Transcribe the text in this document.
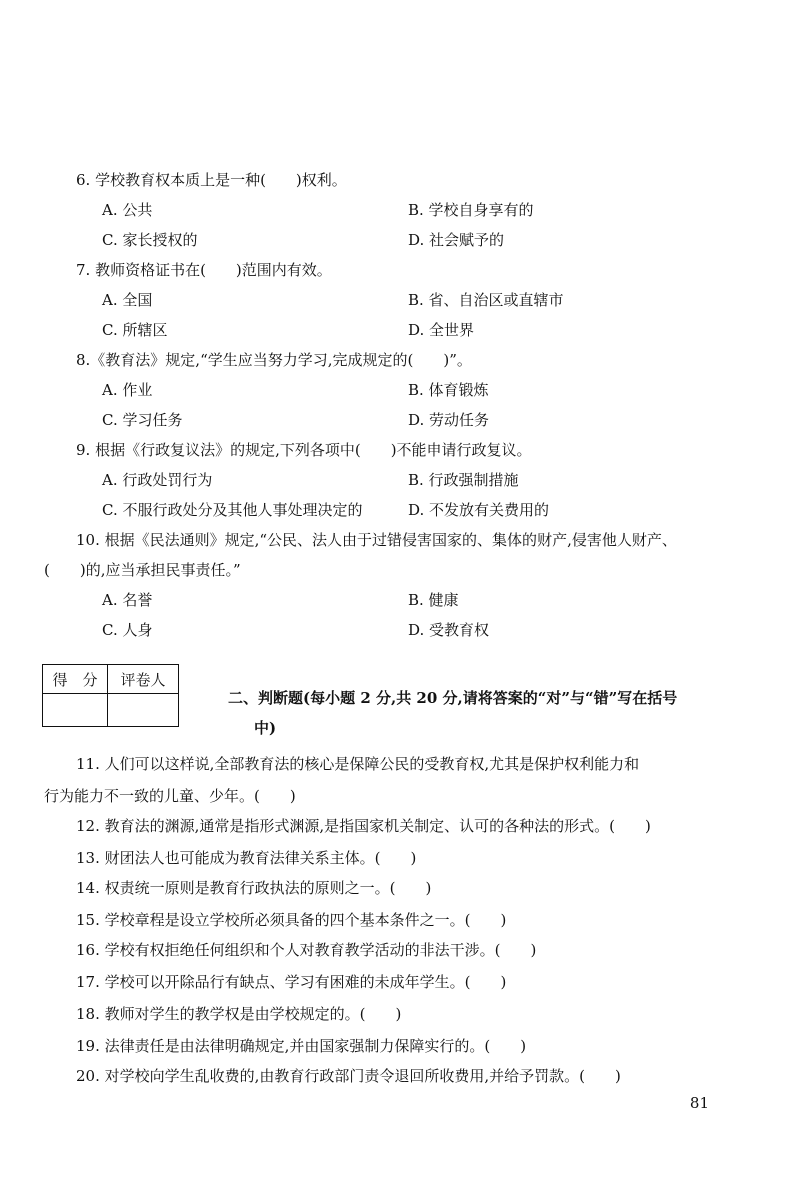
6. 学校教育权本质上是一种(　　)权利。
A. 公共	B. 学校自身享有的
C. 家长授权的	D. 社会赋予的
7. 教师资格证书在(　　)范围内有效。
A. 全国	B. 省、自治区或直辖市
C. 所辖区	D. 全世界
8.《教育法》规定,“学生应当努力学习,完成规定的(　　)”。
A. 作业	B. 体育锻炼
C. 学习任务	D. 劳动任务
9. 根据《行政复议法》的规定,下列各项中(　　)不能申请行政复议。
A. 行政处罚行为	B. 行政强制措施
C. 不服行政处分及其他人事处理决定的	D. 不发放有关费用的
10. 根据《民法通则》规定,“公民、法人由于过错侵害国家的、集体的财产,侵害他人财产、
(　　)的,应当承担民事责任。”
A. 名誉	B. 健康
C. 人身	D. 受教育权
得　分	评卷人

二、判断题(每小题 2 分,共 20 分,请将答案的“对”与“错”写在括号
中)
11. 人们可以这样说,全部教育法的核心是保障公民的受教育权,尤其是保护权利能力和
行为能力不一致的儿童、少年。(　　)
12. 教育法的渊源,通常是指形式渊源,是指国家机关制定、认可的各种法的形式。(　　)
13. 财团法人也可能成为教育法律关系主体。(　　)
14. 权责统一原则是教育行政执法的原则之一。(　　)
15. 学校章程是设立学校所必须具备的四个基本条件之一。(　　)
16. 学校有权拒绝任何组织和个人对教育教学活动的非法干涉。(　　)
17. 学校可以开除品行有缺点、学习有困难的未成年学生。(　　)
18. 教师对学生的教学权是由学校规定的。(　　)
19. 法律责任是由法律明确规定,并由国家强制力保障实行的。(　　)
20. 对学校向学生乱收费的,由教育行政部门责令退回所收费用,并给予罚款。(　　)
81
